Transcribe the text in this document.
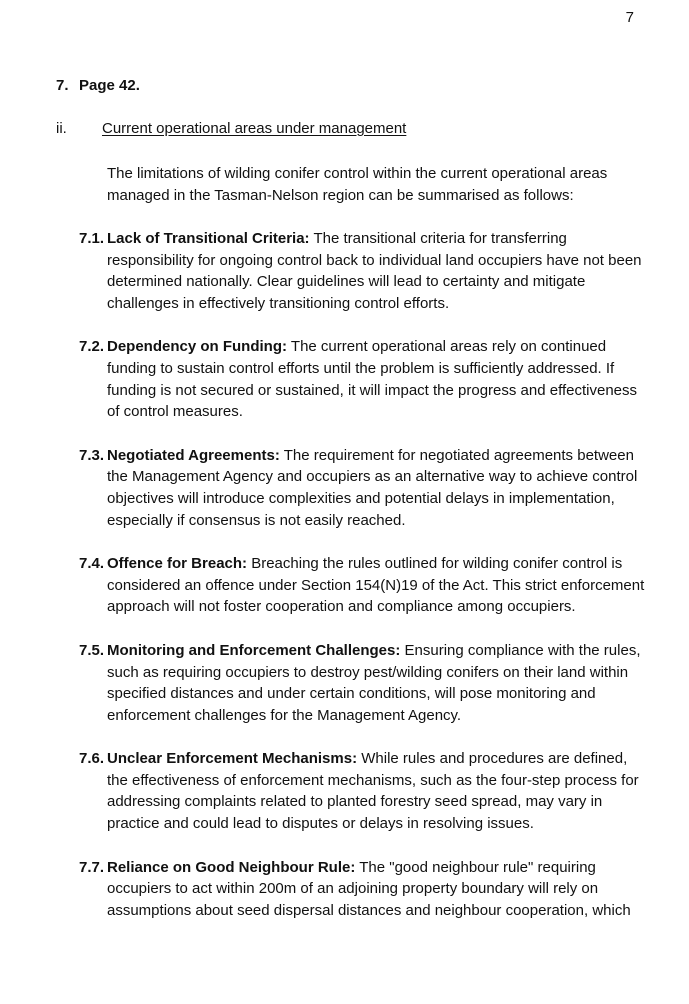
7
7. Page 42.
ii. Current operational areas under management

The limitations of wilding conifer control within the current operational areas managed in the Tasman-Nelson region can be summarised as follows:

7.1. Lack of Transitional Criteria: The transitional criteria for transferring responsibility for ongoing control back to individual land occupiers have not been determined nationally. Clear guidelines will lead to certainty and mitigate challenges in effectively transitioning control efforts.
7.2. Dependency on Funding: The current operational areas rely on continued funding to sustain control efforts until the problem is sufficiently addressed. If funding is not secured or sustained, it will impact the progress and effectiveness of control measures.
7.3. Negotiated Agreements: The requirement for negotiated agreements between the Management Agency and occupiers as an alternative way to achieve control objectives will introduce complexities and potential delays in implementation, especially if consensus is not easily reached.
7.4. Offence for Breach: Breaching the rules outlined for wilding conifer control is considered an offence under Section 154(N)19 of the Act. This strict enforcement approach will not foster cooperation and compliance among occupiers.
7.5. Monitoring and Enforcement Challenges: Ensuring compliance with the rules, such as requiring occupiers to destroy pest/wilding conifers on their land within specified distances and under certain conditions, will pose monitoring and enforcement challenges for the Management Agency.
7.6. Unclear Enforcement Mechanisms: While rules and procedures are defined, the effectiveness of enforcement mechanisms, such as the four-step process for addressing complaints related to planted forestry seed spread, may vary in practice and could lead to disputes or delays in resolving issues.
7.7. Reliance on Good Neighbour Rule: The "good neighbour rule" requiring occupiers to act within 200m of an adjoining property boundary will rely on assumptions about seed dispersal distances and neighbour cooperation, which
